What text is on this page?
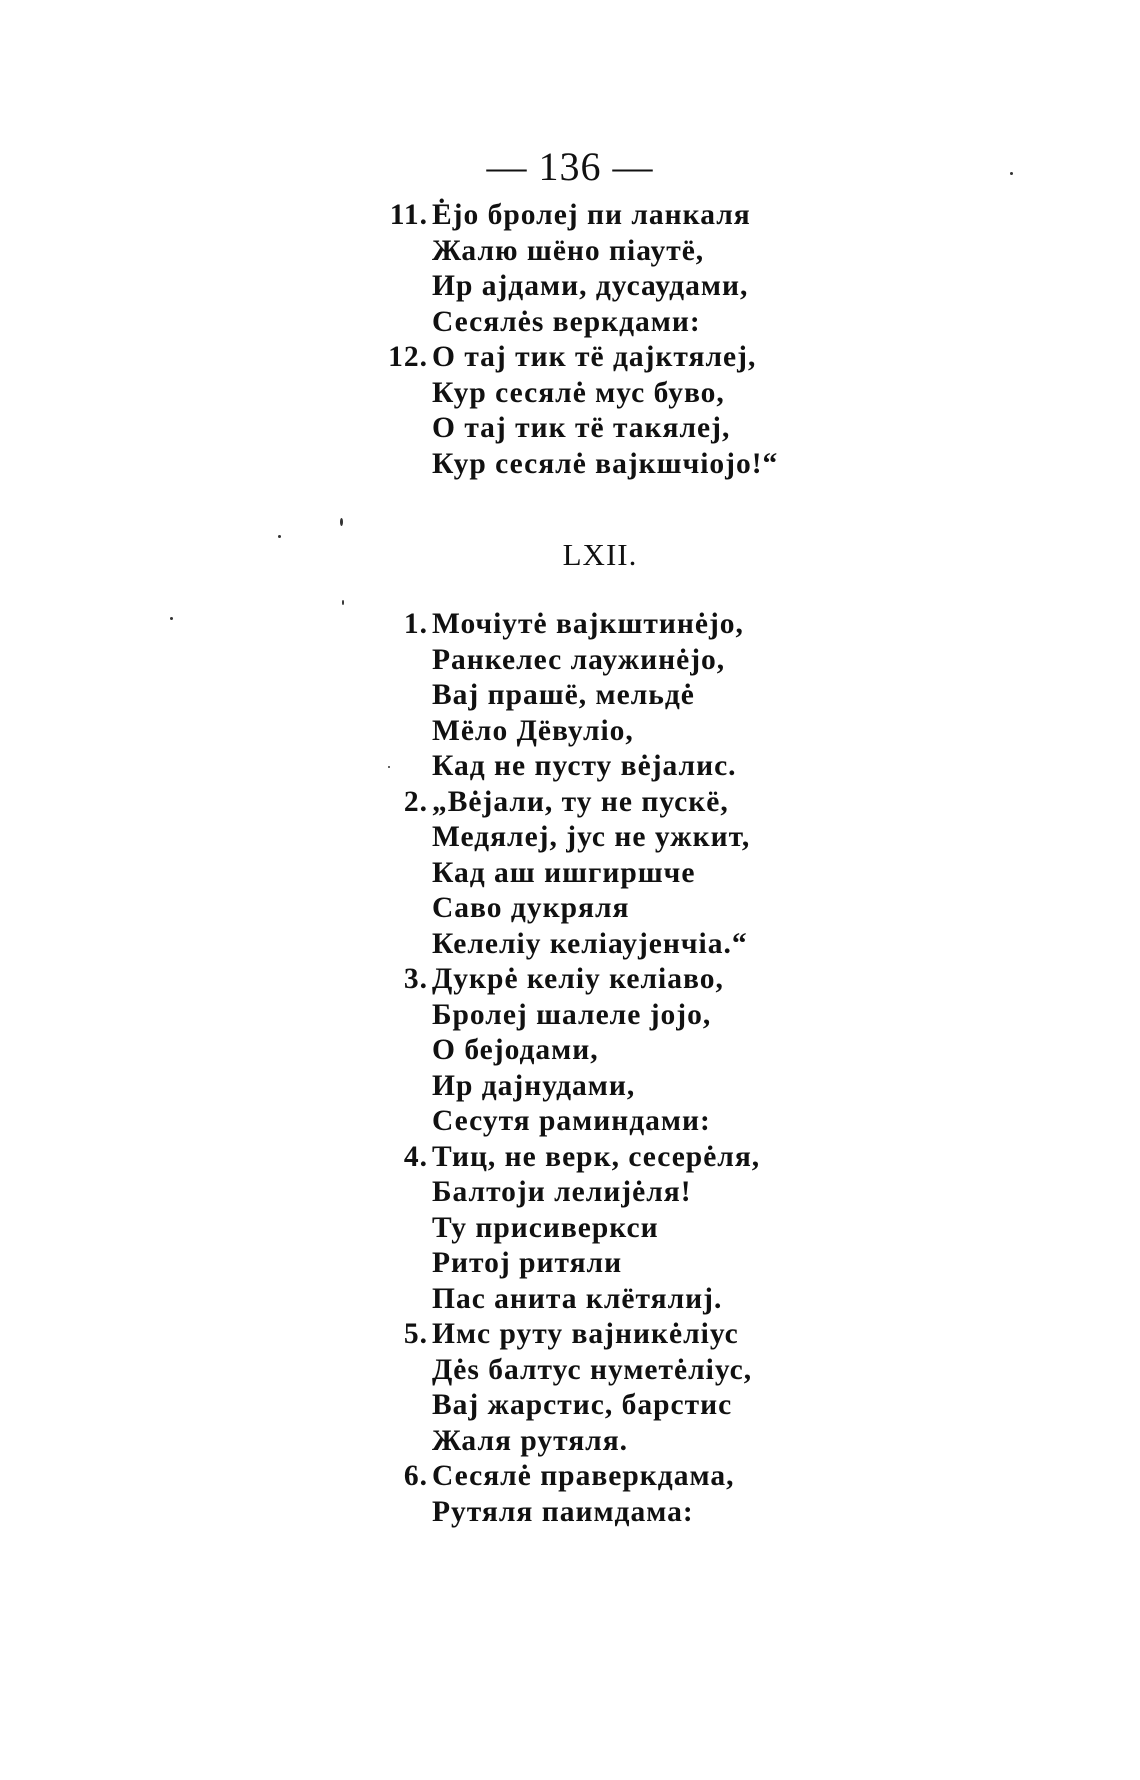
— 136 —
11. Ėjo бролеј пи ланкаля
Жалю шёно піаутё,
Ир ајдами, дусаудами,
Сесялės веркдами:
12. О тај тик тё дајктялеј,
Кур сесялė мус буво,
О тај тик тё такялеј,
Кур сесялė вајкшчіојо!“
LXII.
1. Мочіутė вајкштинėјо,
Ранкелес лаужинėјо,
Вај прашё, мельдė
Мёло Дёвуліо,
Кад не пусту вėјалис.
2. „Вėјали, ту не пускё,
Медялеј, јус не ужкит,
Кад аш ишгиршче
Саво дукряля
Келеліу келіаујенчіа.“
3. Дукрė келіу келіаво,
Бролеј шалеле јојо,
О бејодами,
Ир дајнудами,
Сесутя раминдами:
4. Тиц, не верк, сесерėля,
Балтоји лелијėля!
Ту присиверкси
Ритој ритяли
Пас анита клётялиј.
5. Имс руту вајникėліус
Дės балтус нуметėліус,
Вај жарстис, барстис
Жаля рутяля.
6. Сесялė праверкдама,
Рутяля паимдама:
